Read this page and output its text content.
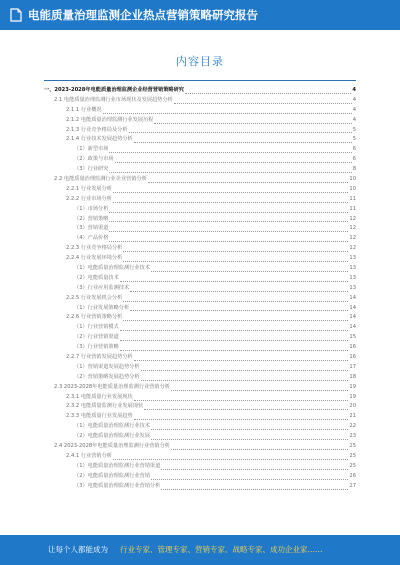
电能质量治理监测企业热点营销策略研究报告
内容目录
一、2023-2028年电能质量治理监测企业经营营销策略研究	4
2.1 电能质量治理监测行业市场现状及发展趋势分析	4
2.1.1 行业概况	4
2.1.2 电能质量治理监测行业发展历程	4
2.1.3 行业竞争格局及分析	5
2.1.4 行业技术发展趋势分析	5
（1）新型市场	6
（2）政策与市场	6
（3）行业研究	8
2.2 电能质量治理监测行业企业营销分析	10
2.2.1 行业发展分析	10
2.2.2 行业市场分析	11
（1）市场分析	11
（2）营销策略	12
（3）营销渠道	12
（4）产品价格	12
2.2.3 行业竞争格局分析	12
2.2.4 行业发展环境分析	13
（1）电能质量治理监测行业技术	13
（2）电能质量技术	13
（3）行业应用监测技术	13
2.2.5 行业发展机会分析	14
（1）行业发展策略分析	14
2.2.6 行业营销策略分析	14
（1）行业营销模式	14
（2）行业营销渠道	15
（3）行业营销策略	16
2.2.7 行业营销发展趋势分析	16
（1）营销渠道发展趋势分析	17
（2）营销策略发展趋势分析	18
2.3 2023-2028年电能质量治理监测行业营销分析	19
2.3.1 电能质量行业发展现状	19
2.3.2 电能质量监测行业发展现状	20
2.3.3 电能质量行业发展趋势	21
（1）电能质量治理监测行业技术	22
（2）电能质量治理监测行业发展	23
2.4 2023-2028年电能质量治理监测行业营销分析	25
2.4.1 行业营销分析	25
（1）电能质量治理监测行业营销渠道	25
（2）电能质量治理监测行业营销	26
（3）电能质量治理监测行业营销分析	27
让每个人都能成为 行业专家、管理专家、营销专家、战略专家、成功企业家……
